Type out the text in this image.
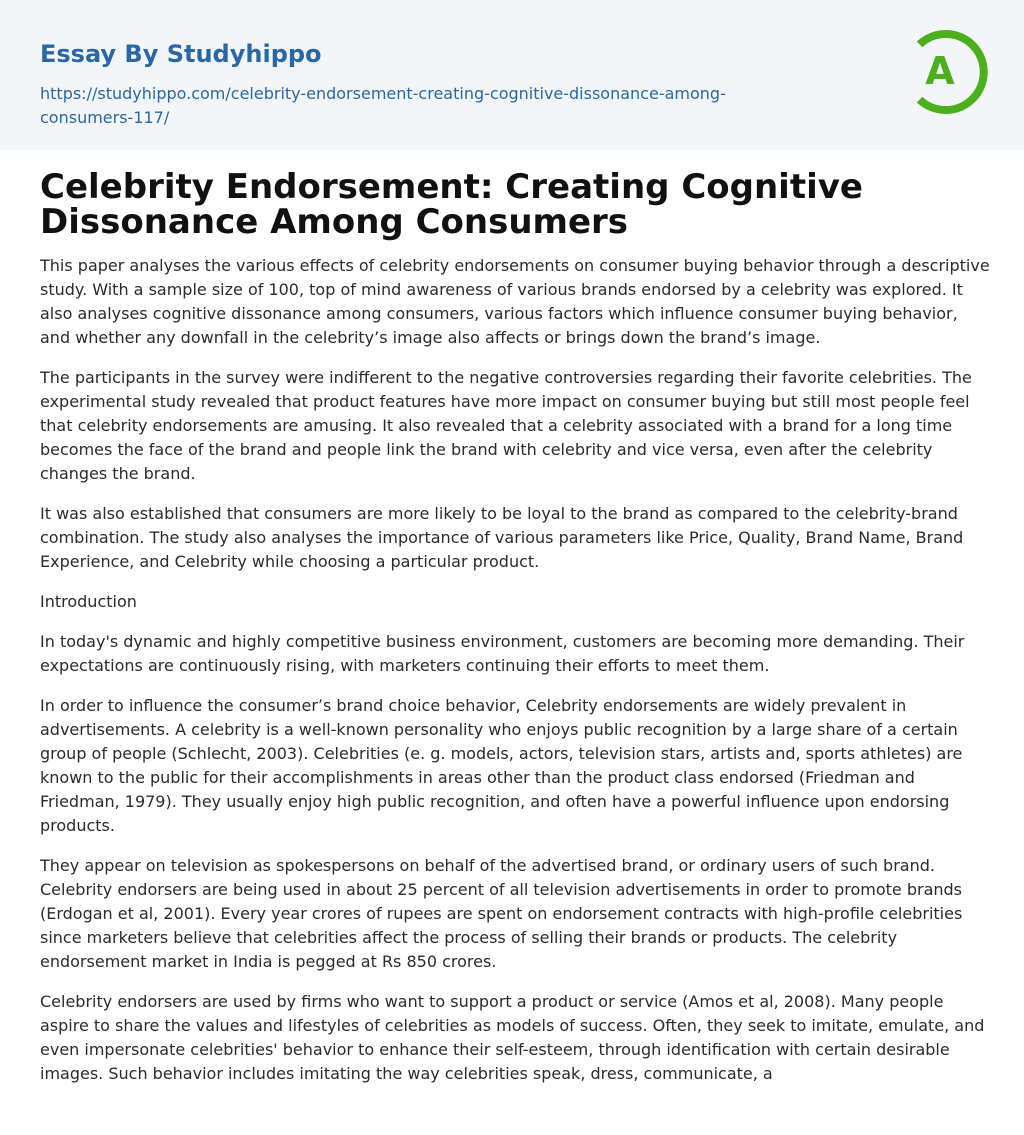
Essay By Studyhippo
https://studyhippo.com/celebrity-endorsement-creating-cognitive-dissonance-among-
consumers-117/
A
Celebrity Endorsement: Creating Cognitive Dissonance Among Consumers

This paper analyses the various effects of celebrity endorsements on consumer buying behavior through a descriptive study. With a sample size of 100, top of mind awareness of various brands endorsed by a celebrity was explored. It also analyses cognitive dissonance among consumers, various factors which influence consumer buying behavior, and whether any downfall in the celebrity’s image also affects or brings down the brand’s image.

The participants in the survey were indifferent to the negative controversies regarding their favorite celebrities. The experimental study revealed that product features have more impact on consumer buying but still most people feel that celebrity endorsements are amusing. It also revealed that a celebrity associated with a brand for a long time becomes the face of the brand and people link the brand with celebrity and vice versa, even after the celebrity changes the brand.

It was also established that consumers are more likely to be loyal to the brand as compared to the celebrity-brand combination. The study also analyses the importance of various parameters like Price, Quality, Brand Name, Brand Experience, and Celebrity while choosing a particular product.

Introduction

In today's dynamic and highly competitive business environment, customers are becoming more demanding. Their expectations are continuously rising, with marketers continuing their efforts to meet them.

In order to influence the consumer’s brand choice behavior, Celebrity endorsements are widely prevalent in advertisements. A celebrity is a well-known personality who enjoys public recognition by a large share of a certain group of people (Schlecht, 2003). Celebrities (e. g. models, actors, television stars, artists and, sports athletes) are known to the public for their accomplishments in areas other than the product class endorsed (Friedman and Friedman, 1979). They usually enjoy high public recognition, and often have a powerful influence upon endorsing products.

They appear on television as spokespersons on behalf of the advertised brand, or ordinary users of such brand. Celebrity endorsers are being used in about 25 percent of all television advertisements in order to promote brands (Erdogan et al, 2001). Every year crores of rupees are spent on endorsement contracts with high-profile celebrities since marketers believe that celebrities affect the process of selling their brands or products. The celebrity endorsement market in India is pegged at Rs 850 crores.

Celebrity endorsers are used by firms who want to support a product or service (Amos et al, 2008). Many people aspire to share the values and lifestyles of celebrities as models of success. Often, they seek to imitate, emulate, and even impersonate celebrities' behavior to enhance their self-esteem, through identification with certain desirable images. Such behavior includes imitating the way celebrities speak, dress, communicate, a
